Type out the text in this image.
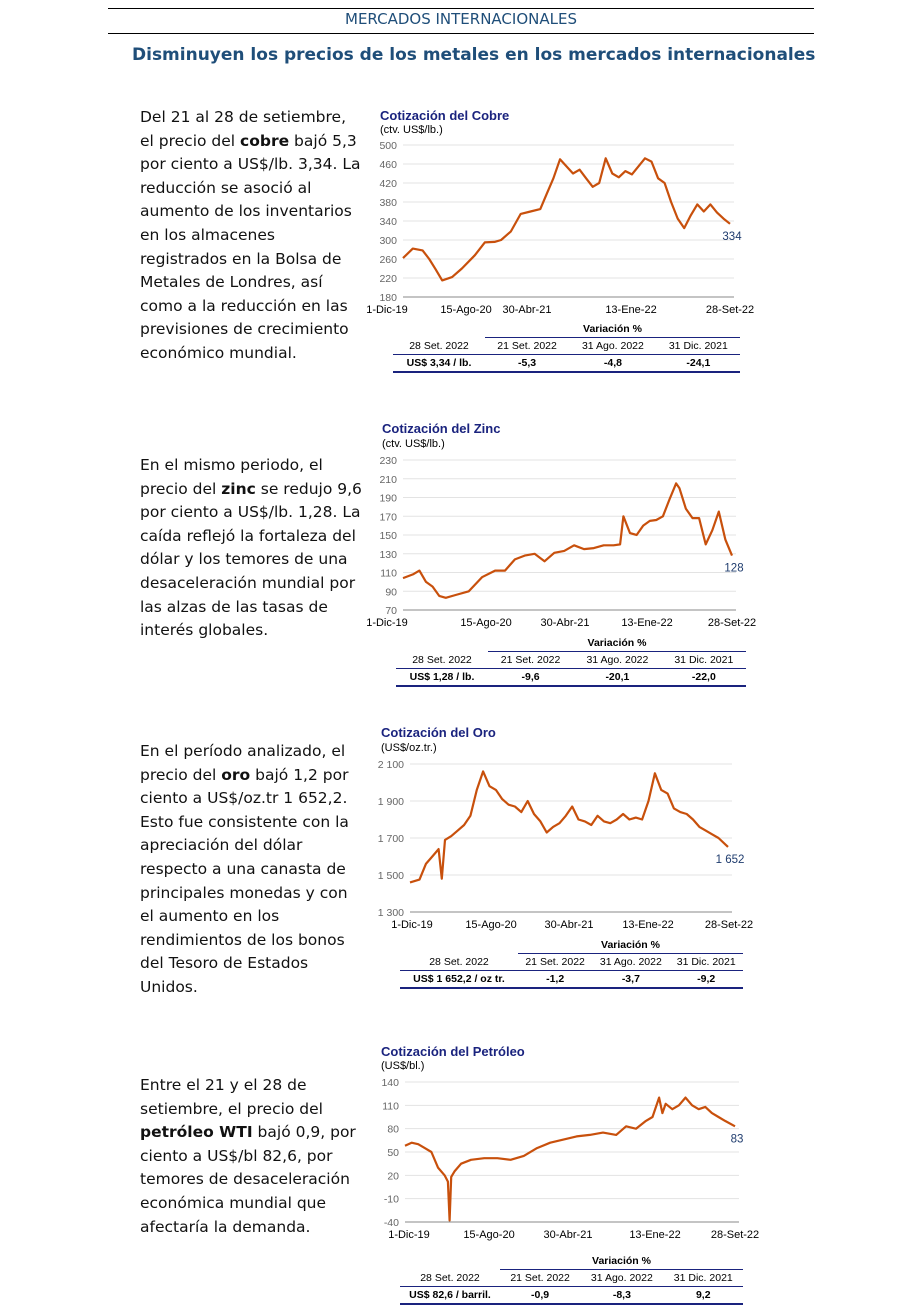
MERCADOS INTERNACIONALES
Disminuyen los precios de los metales en los mercados internacionales
Del 21 al 28 de setiembre, el precio del cobre bajó 5,3 por ciento a US$/lb. 3,34. La reducción se asoció al aumento de los inventarios en los almacenes registrados en la Bolsa de Metales de Londres, así como a la reducción en las previsiones de crecimiento económico mundial.
Cotización del Cobre
(ctv. US$/lb.)
500
460
420
380
340
300
260
220
180
1-Dic-19	15-Ago-20 30-Abr-21	13-Ene-22	28-Set-22
334
	Variación %		
28 Set. 2022	21 Set. 2022	31 Ago. 2022	31 Dic. 2021
US$ 3,34 / lb.	-5,3	-4,8	-24,1
En el mismo periodo, el precio del zinc se redujo 9,6 por ciento a US$/lb. 1,28. La caída reflejó la fortaleza del dólar y los temores de una desaceleración mundial por las alzas de las tasas de interés globales.
Cotización del Zinc
(ctv. US$/lb.)
230
210
190
170
150
130
110
90
70
1-Dic-19	15-Ago-20	30-Abr-21	13-Ene-22	28-Set-22
128
	Variación %		
28 Set. 2022	21 Set. 2022	31 Ago. 2022	31 Dic. 2021
US$ 1,28 / lb.	-9,6	-20,1	-22,0
En el período analizado, el precio del oro bajó 1,2 por ciento a US$/oz.tr 1 652,2. Esto fue consistente con la apreciación del dólar respecto a una canasta de principales monedas y con el aumento en los rendimientos de los bonos del Tesoro de Estados Unidos.
Cotización del Oro
(US$/oz.tr.)
2 100
1 900
1 700
1 500
1 300
1-Dic-19	15-Ago-20	30-Abr-21	13-Ene-22	28-Set-22
1 652
	Variación %		
28 Set. 2022	21 Set. 2022	31 Ago. 2022	31 Dic. 2021
US$ 1 652,2 / oz tr.	-1,2	-3,7	-9,2
Entre el 21 y el 28 de setiembre, el precio del petróleo WTI bajó 0,9, por ciento a US$/bl 82,6, por temores de desaceleración económica mundial que afectaría la demanda.
Cotización del Petróleo
(US$/bl.)
140
110
80
50
20
-10
-40
1-Dic-19	15-Ago-20	30-Abr-21	13-Ene-22	28-Set-22
83
	Variación %		
28 Set. 2022	21 Set. 2022	31 Ago. 2022	31 Dic. 2021
US$ 82,6 / barril.	-0,9	-8,3	9,2
